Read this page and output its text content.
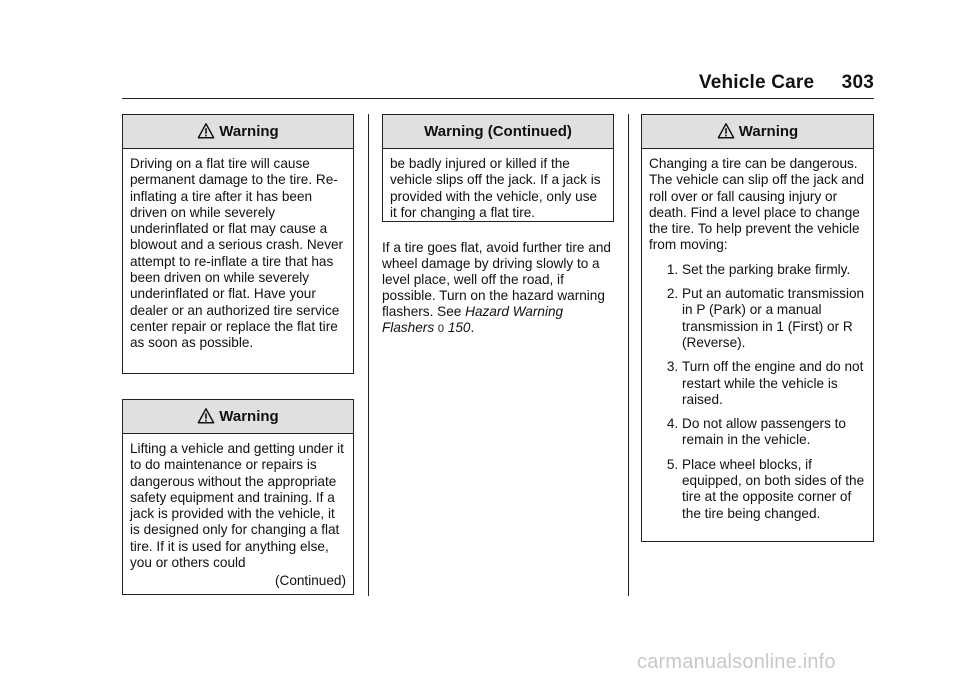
Vehicle Care     303
Warning

Driving on a flat tire will cause permanent damage to the tire. Re-inflating a tire after it has been driven on while severely underinflated or flat may cause a blowout and a serious crash. Never attempt to re-inflate a tire that has been driven on while severely underinflated or flat. Have your dealer or an authorized tire service center repair or replace the flat tire as soon as possible.

Warning

Lifting a vehicle and getting under it to do maintenance or repairs is dangerous without the appropriate safety equipment and training. If a jack is provided with the vehicle, it is designed only for changing a flat tire. If it is used for anything else, you or others could

(Continued)
Warning (Continued)

be badly injured or killed if the vehicle slips off the jack. If a jack is provided with the vehicle, only use it for changing a flat tire.

If a tire goes flat, avoid further tire and wheel damage by driving slowly to a level place, well off the road, if possible. Turn on the hazard warning flashers. See Hazard Warning Flashers 0 150.
Warning

Changing a tire can be dangerous. The vehicle can slip off the jack and roll over or fall causing injury or death. Find a level place to change the tire. To help prevent the vehicle from moving:

1. Set the parking brake firmly.
2. Put an automatic transmission in P (Park) or a manual transmission in 1 (First) or R (Reverse).
3. Turn off the engine and do not restart while the vehicle is raised.
4. Do not allow passengers to remain in the vehicle.
5. Place wheel blocks, if equipped, on both sides of the tire at the opposite corner of the tire being changed.
carmanualsonline.info
